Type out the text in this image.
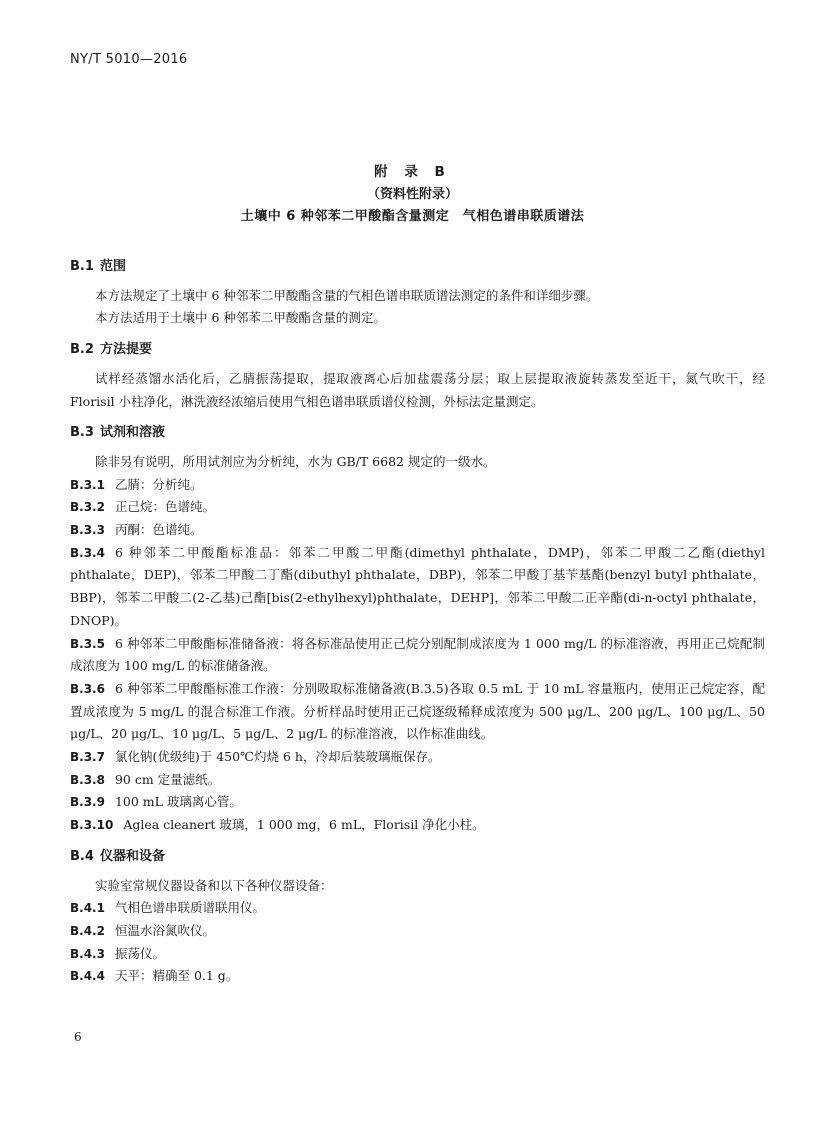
NY/T 5010—2016
附 录 B
（资料性附录）
土壤中 6 种邻苯二甲酸酯含量测定　气相色谱串联质谱法
B.1 范围
本方法规定了土壤中 6 种邻苯二甲酸酯含量的气相色谱串联质谱法测定的条件和详细步骤。
本方法适用于土壤中 6 种邻苯二甲酸酯含量的测定。
B.2 方法提要
试样经蒸馏水活化后，乙腈振荡提取，提取液离心后加盐震荡分层；取上层提取液旋转蒸发至近干，氮气吹干，经 Florisil 小柱净化，淋洗液经浓缩后使用气相色谱串联质谱仪检测，外标法定量测定。
B.3 试剂和溶液
除非另有说明，所用试剂应为分析纯，水为 GB/T 6682 规定的一级水。
B.3.1 乙腈：分析纯。
B.3.2 正己烷：色谱纯。
B.3.3 丙酮：色谱纯。
B.3.4 6 种邻苯二甲酸酯标准品：邻苯二甲酸二甲酯(dimethyl phthalate，DMP)，邻苯二甲酸二乙酯(diethyl phthalate，DEP)，邻苯二甲酸二丁酯(dibuthyl phthalate，DBP)，邻苯二甲酸丁基苄基酯(benzyl butyl phthalate，BBP)，邻苯二甲酸二(2-乙基)己酯[bis(2-ethylhexyl)phthalate，DEHP]，邻苯二甲酸二正辛酯(di-n-octyl phthalate，DNOP)。
B.3.5 6 种邻苯二甲酸酯标准储备液：将各标准品使用正己烷分别配制成浓度为 1 000 mg/L 的标准溶液，再用正己烷配制成浓度为 100 mg/L 的标准储备液。
B.3.6 6 种邻苯二甲酸酯标准工作液：分别吸取标准储备液(B.3.5)各取 0.5 mL 于 10 mL 容量瓶内，使用正己烷定容，配置成浓度为 5 mg/L 的混合标准工作液。分析样品时使用正己烷逐级稀释成浓度为 500 μg/L、200 μg/L、100 μg/L、50 μg/L、20 μg/L、10 μg/L、5 μg/L、2 μg/L 的标准溶液，以作标准曲线。
B.3.7 氯化钠(优级纯)于 450℃灼烧 6 h，冷却后装玻璃瓶保存。
B.3.8 90 cm 定量滤纸。
B.3.9 100 mL 玻璃离心管。
B.3.10 Aglea cleanert 玻璃，1 000 mg，6 mL，Florisil 净化小柱。
B.4 仪器和设备
实验室常规仪器设备和以下各种仪器设备：
B.4.1 气相色谱串联质谱联用仪。
B.4.2 恒温水浴氮吹仪。
B.4.3 振荡仪。
B.4.4 天平：精确至 0.1 g。
6
